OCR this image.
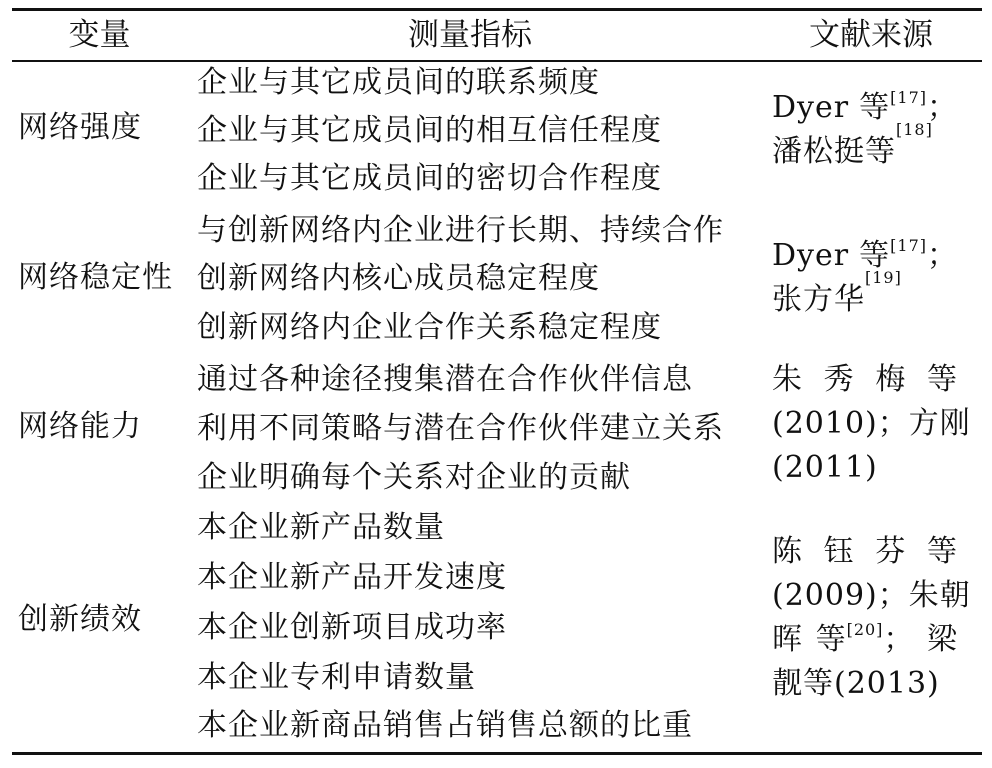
变量	测量指标	文献来源
网络强度
企业与其它成员间的联系频度
企业与其它成员间的相互信任程度
企业与其它成员间的密切合作程度
Dyer 等[17]；
潘松挺等
[18]
网络稳定性
与创新网络内企业进行长期、持续合作
创新网络内核心成员稳定程度
创新网络内企业合作关系稳定程度
Dyer 等[17]；
张方华
[19]
网络能力
通过各种途径搜集潜在合作伙伴信息
利用不同策略与潜在合作伙伴建立关系
企业明确每个关系对企业的贡献
朱 秀 梅 等
(2010)；方刚
(2011)
创新绩效
本企业新产品数量
本企业新产品开发速度
本企业创新项目成功率
本企业专利申请数量
本企业新商品销售占销售总额的比重
陈 钰 芬 等
(2009)；朱朝
晖 等[20]； 梁
靓等(2013)
